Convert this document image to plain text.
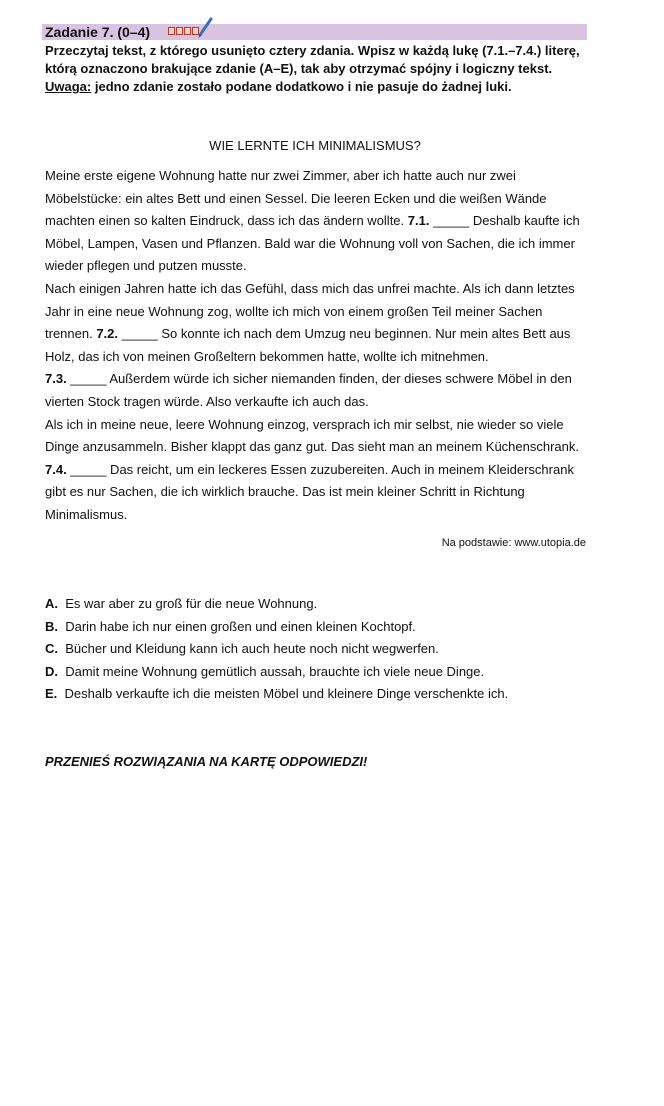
Zadanie 7. (0–4)

Przeczytaj tekst, z którego usunięto cztery zdania. Wpisz w każdą lukę (7.1.–7.4.) literę,

którą oznaczono brakujące zdanie (A–E), tak aby otrzymać spójny i logiczny tekst.

Uwaga: jedno zdanie zostało podane dodatkowo i nie pasuje do żadnej luki.

WIE LERNTE ICH MINIMALISMUS?

Meine erste eigene Wohnung hatte nur zwei Zimmer, aber ich hatte auch nur zwei Möbelstücke: ein altes Bett und einen Sessel. Die leeren Ecken und die weißen Wände machten einen so kalten Eindruck, dass ich das ändern wollte. 7.1. _____ Deshalb kaufte ich Möbel, Lampen, Vasen und Pflanzen. Bald war die Wohnung voll von Sachen, die ich immer wieder pflegen und putzen musste.

Nach einigen Jahren hatte ich das Gefühl, dass mich das unfrei machte. Als ich dann letztes Jahr in eine neue Wohnung zog, wollte ich mich von einem großen Teil meiner Sachen trennen. 7.2. _____ So konnte ich nach dem Umzug neu beginnen. Nur mein altes Bett aus Holz, das ich von meinen Großeltern bekommen hatte, wollte ich mitnehmen.

7.3. _____ Außerdem würde ich sicher niemanden finden, der dieses schwere Möbel in den vierten Stock tragen würde. Also verkaufte ich auch das.

Als ich in meine neue, leere Wohnung einzog, versprach ich mir selbst, nie wieder so viele Dinge anzusammeln. Bisher klappt das ganz gut. Das sieht man an meinem Küchenschrank.

7.4. _____ Das reicht, um ein leckeres Essen zuzubereiten. Auch in meinem Kleiderschrank gibt es nur Sachen, die ich wirklich brauche. Das ist mein kleiner Schritt in Richtung Minimalismus.

Na podstawie: www.utopia.de
A. Es war aber zu groß für die neue Wohnung.
B. Darin habe ich nur einen großen und einen kleinen Kochtopf.
C. Bücher und Kleidung kann ich auch heute noch nicht wegwerfen.
D. Damit meine Wohnung gemütlich aussah, brauchte ich viele neue Dinge.
E. Deshalb verkaufte ich die meisten Möbel und kleinere Dinge verschenkte ich.
PRZENIEŚ ROZWIĄZANIA NA KARTĘ ODPOWIEDZI!
